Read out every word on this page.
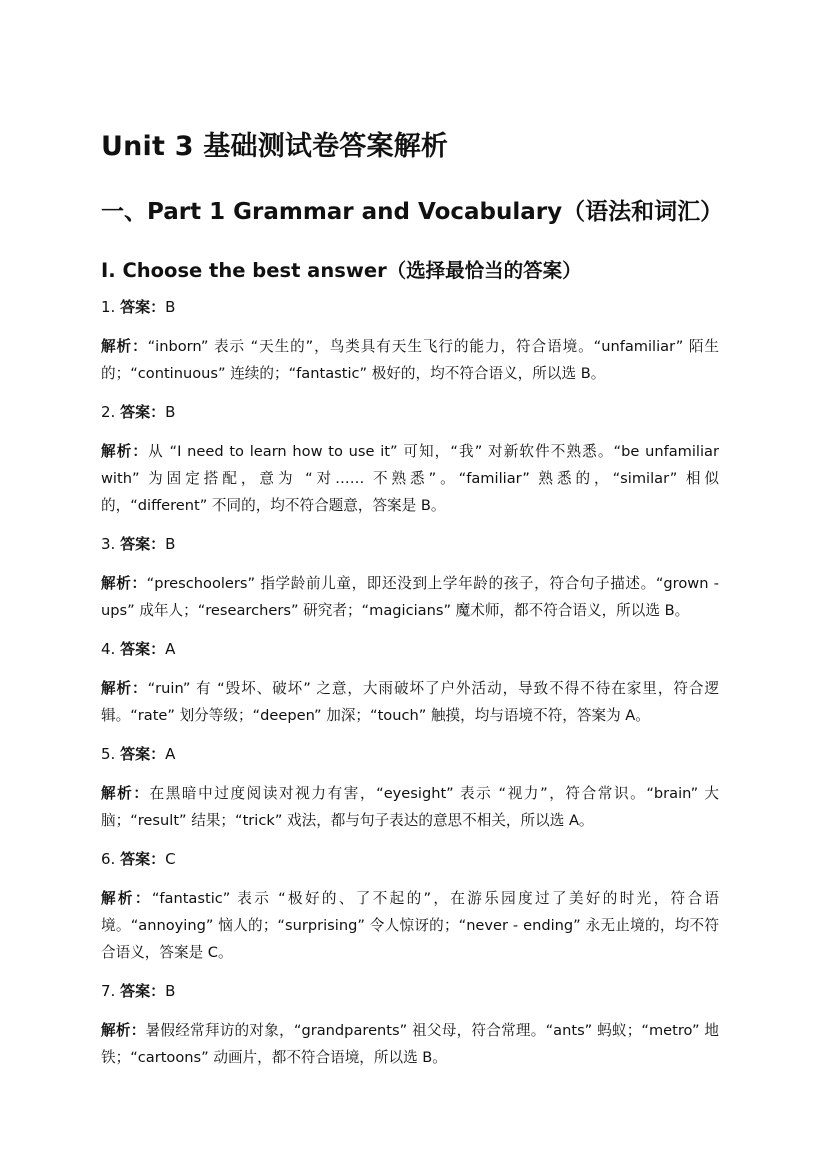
Unit 3 基础测试卷答案解析
一、Part 1 Grammar and Vocabulary（语法和词汇）
I. Choose the best answer（选择最恰当的答案）

1. 答案：B

解析：“inborn” 表示 “天生的”，鸟类具有天生飞行的能力，符合语境。“unfamiliar” 陌生的；“continuous” 连续的；“fantastic” 极好的，均不符合语义，所以选 B。

2. 答案：B

解析：从 “I need to learn how to use it” 可知，“我” 对新软件不熟悉。“be unfamiliar with” 为固定搭配，意为 “对…… 不熟悉”。“familiar” 熟悉的，“similar” 相似的，“different” 不同的，均不符合题意，答案是 B。

3. 答案：B

解析：“preschoolers” 指学龄前儿童，即还没到上学年龄的孩子，符合句子描述。“grown - ups” 成年人；“researchers” 研究者；“magicians” 魔术师，都不符合语义，所以选 B。

4. 答案：A

解析：“ruin” 有 “毁坏、破坏” 之意，大雨破坏了户外活动，导致不得不待在家里，符合逻辑。“rate” 划分等级；“deepen” 加深；“touch” 触摸，均与语境不符，答案为 A。

5. 答案：A

解析：在黑暗中过度阅读对视力有害，“eyesight” 表示 “视力”，符合常识。“brain” 大脑；“result” 结果；“trick” 戏法，都与句子表达的意思不相关，所以选 A。

6. 答案：C

解析：“fantastic” 表示 “极好的、了不起的”，在游乐园度过了美好的时光，符合语境。“annoying” 恼人的；“surprising” 令人惊讶的；“never - ending” 永无止境的，均不符合语义，答案是 C。

7. 答案：B

解析：暑假经常拜访的对象，“grandparents” 祖父母，符合常理。“ants” 蚂蚁；“metro” 地铁；“cartoons” 动画片，都不符合语境，所以选 B。
